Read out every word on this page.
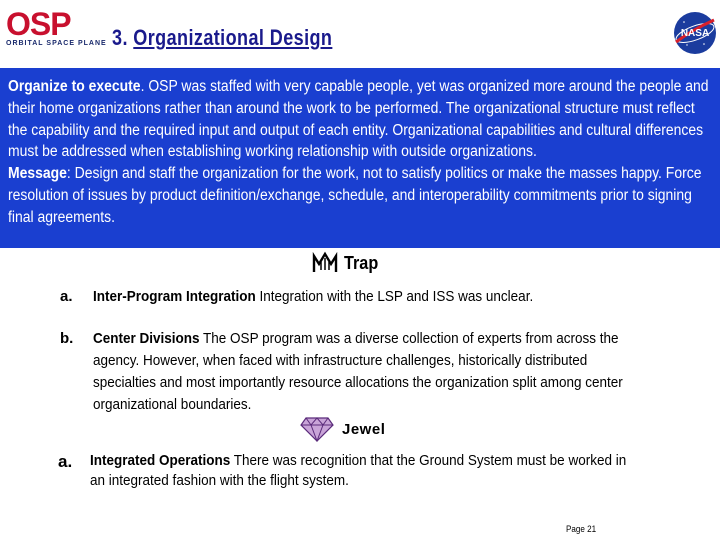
OSP
ORBITAL SPACE PLANE 3. Organizational Design	NASA

Organize to execute. OSP was staffed with very capable people, yet was organized more around the people and their home organizations rather than around the work to be performed. The organizational structure must reflect the capability and the required input and output of each entity. Organizational capabilities and cultural differences must be addressed when establishing working relationship with outside organizations.
Message: Design and staff the organization for the work, not to satisfy politics or make the masses happy. Force resolution of issues by product definition/exchange, schedule, and interoperability commitments prior to signing final agreements.

Trap
a. Inter-Program Integration Integration with the LSP and ISS was unclear.
b. Center Divisions The OSP program was a diverse collection of experts from across the agency. However, when faced with infrastructure challenges, historically distributed specialties and most importantly resource allocations the organization split among center organizational boundaries.
Jewel
a. Integrated Operations There was recognition that the Ground System must be worked in an integrated fashion with the flight system.
Page 21
